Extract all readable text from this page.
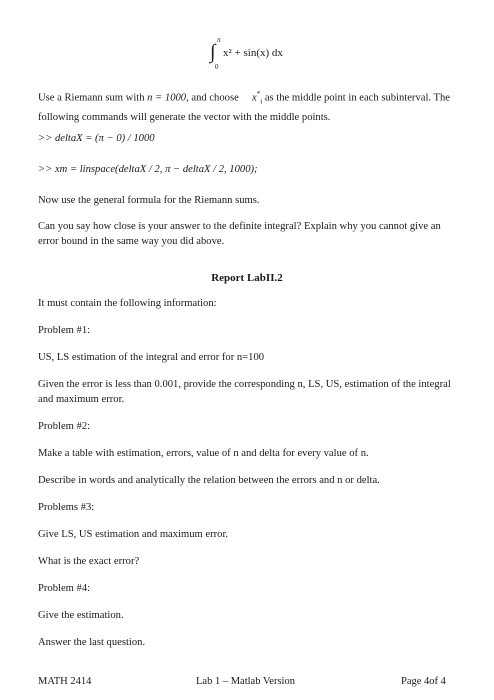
∫
π
0
x² + sin(x) dx
Use a Riemann sum with n = 1000, and choose     $x^*_i$ as the middle point in each subinterval. The following commands will generate the vector with the middle points.
>> deltaX = (π − 0) / 1000
>> xm = linspace(deltaX / 2, π − deltaX / 2, 1000);
Now use the general formula for the Riemann sums.
Can you say how close is your answer to the definite integral? Explain why you cannot give an error bound in the same way you did above.
Report LabII.2
It must contain the following information:
Problem #1:
US, LS estimation of the integral and error for n=100
Given the error is less than 0.001, provide the corresponding n, LS, US, estimation of the integral and maximum error.
Problem #2:
Make a table with estimation, errors, value of n and delta for every value of n.
Describe in words and analytically the relation between the errors and n or delta.
Problems #3:
Give LS, US estimation and maximum error.
What is the exact error?
Problem #4:
Give the estimation.
Answer the last question.
MATH 2414	Lab 1 – Matlab Version	Page 4of 4
